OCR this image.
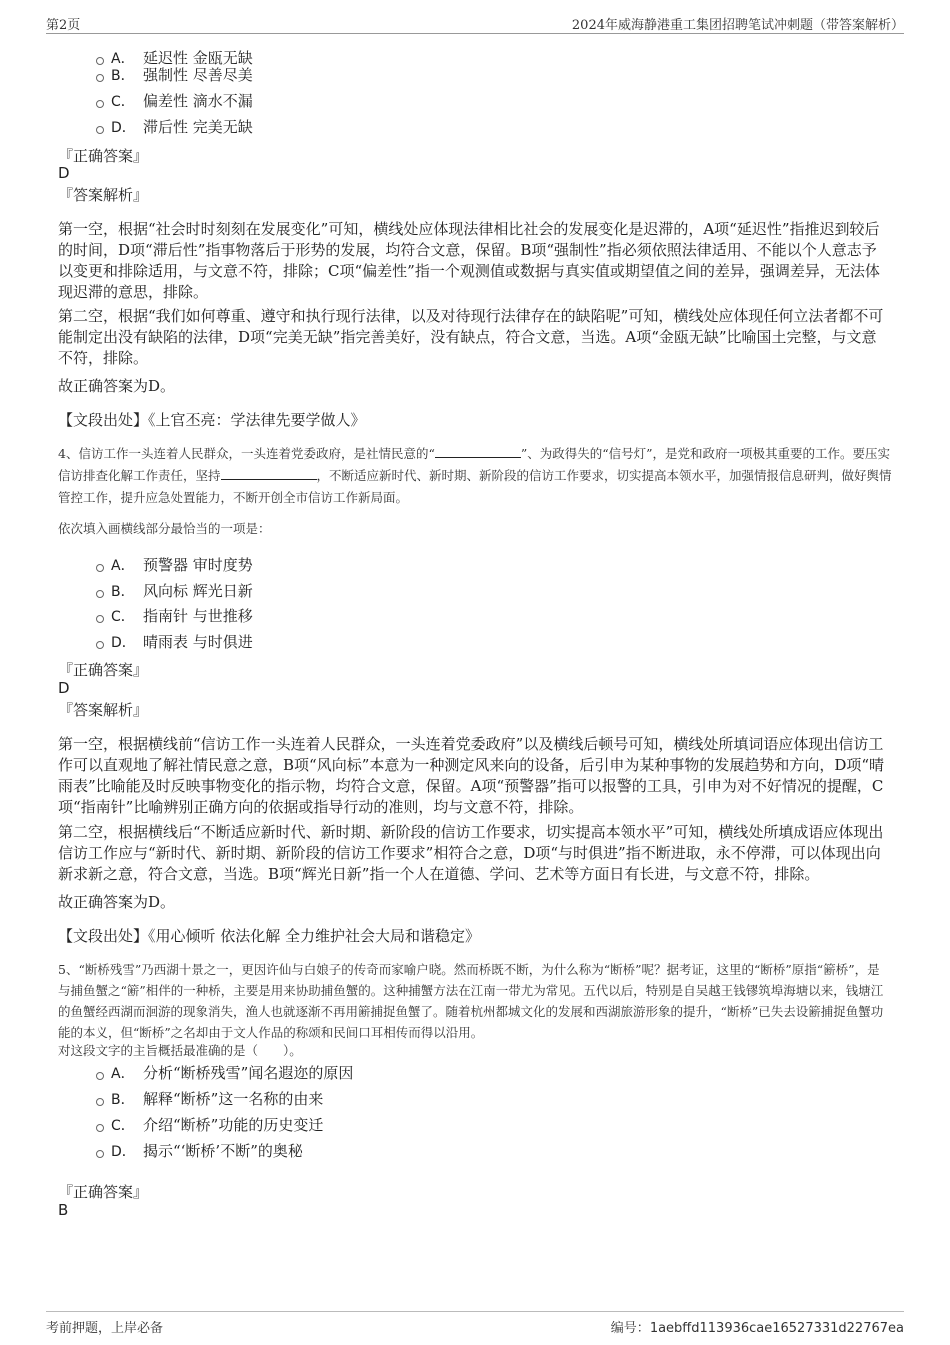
第2页	2024年威海静港重工集团招聘笔试冲刺题（带答案解析）
A． 延迟性 金瓯无缺
B． 强制性 尽善尽美
C． 偏差性 滴水不漏
D． 滞后性 完美无缺
『正确答案』
D
『答案解析』
第一空，根据“社会时时刻刻在发展变化”可知，横线处应体现法律相比社会的发展变化是迟滞的，A项“延迟性”指推迟到较后的时间，D项“滞后性”指事物落后于形势的发展，均符合文意，保留。B项“强制性”指必须依照法律适用、不能以个人意志予以变更和排除适用，与文意不符，排除；C项“偏差性”指一个观测值或数据与真实值或期望值之间的差异，强调差异，无法体现迟滞的意思，排除。
第二空，根据“我们如何尊重、遵守和执行现行法律，以及对待现行法律存在的缺陷呢”可知，横线处应体现任何立法者都不可能制定出没有缺陷的法律，D项“完美无缺”指完善美好，没有缺点，符合文意，当选。A项“金瓯无缺”比喻国土完整，与文意不符，排除。
故正确答案为D。
【文段出处】《上官丕亮：学法律先要学做人》
4、信访工作一头连着人民群众，一头连着党委政府，是社情民意的“	”、为政得失的“信号灯”，是党和政府一项极其重要的工作。要压实信访排查化解工作责任，坚持	，不断适应新时代、新时期、新阶段的信访工作要求，切实提高本领水平，加强情报信息研判，做好舆情管控工作，提升应急处置能力，不断开创全市信访工作新局面。
依次填入画横线部分最恰当的一项是：
A． 预警器 审时度势
B． 风向标 辉光日新
C． 指南针 与世推移
D． 晴雨表 与时俱进
『正确答案』
D
『答案解析』
第一空，根据横线前“信访工作一头连着人民群众，一头连着党委政府”以及横线后顿号可知，横线处所填词语应体现出信访工作可以直观地了解社情民意之意，B项“风向标”本意为一种测定风来向的设备，后引申为某种事物的发展趋势和方向，D项“晴雨表”比喻能及时反映事物变化的指示物，均符合文意，保留。A项“预警器”指可以报警的工具，引申为对不好情况的提醒，C项“指南针”比喻辨别正确方向的依据或指导行动的准则，均与文意不符，排除。
第二空，根据横线后“不断适应新时代、新时期、新阶段的信访工作要求，切实提高本领水平”可知，横线处所填成语应体现出信访工作应与“新时代、新时期、新阶段的信访工作要求”相符合之意，D项“与时俱进”指不断进取，永不停滞，可以体现出向新求新之意，符合文意，当选。B项“辉光日新”指一个人在道德、学问、艺术等方面日有长进，与文意不符，排除。
故正确答案为D。
【文段出处】《用心倾听 依法化解 全力维护社会大局和谐稳定》
5、“断桥残雪”乃西湖十景之一，更因许仙与白娘子的传奇而家喻户晓。然而桥既不断，为什么称为“断桥”呢？据考证，这里的“断桥”原指“簖桥”，是与捕鱼蟹之“簖”相伴的一种桥，主要是用来协助捕鱼蟹的。这种捕蟹方法在江南一带尤为常见。五代以后，特别是自吴越王钱镠筑埠海塘以来，钱塘江的鱼蟹经西湖而洄游的现象消失，渔人也就逐渐不再用簖捕捉鱼蟹了。随着杭州都城文化的发展和西湖旅游形象的提升，“断桥”已失去设簖捕捉鱼蟹功能的本义，但“断桥”之名却由于文人作品的称颂和民间口耳相传而得以沿用。
对这段文字的主旨概括最准确的是（　　）。
A． 分析“断桥残雪”闻名遐迩的原因
B． 解释“断桥”这一名称的由来
C． 介绍“断桥”功能的历史变迁
D． 揭示“‘断桥’不断”的奥秘
『正确答案』
B
考前押题，上岸必备	编号：1aebffd113936cae16527331d22767ea
